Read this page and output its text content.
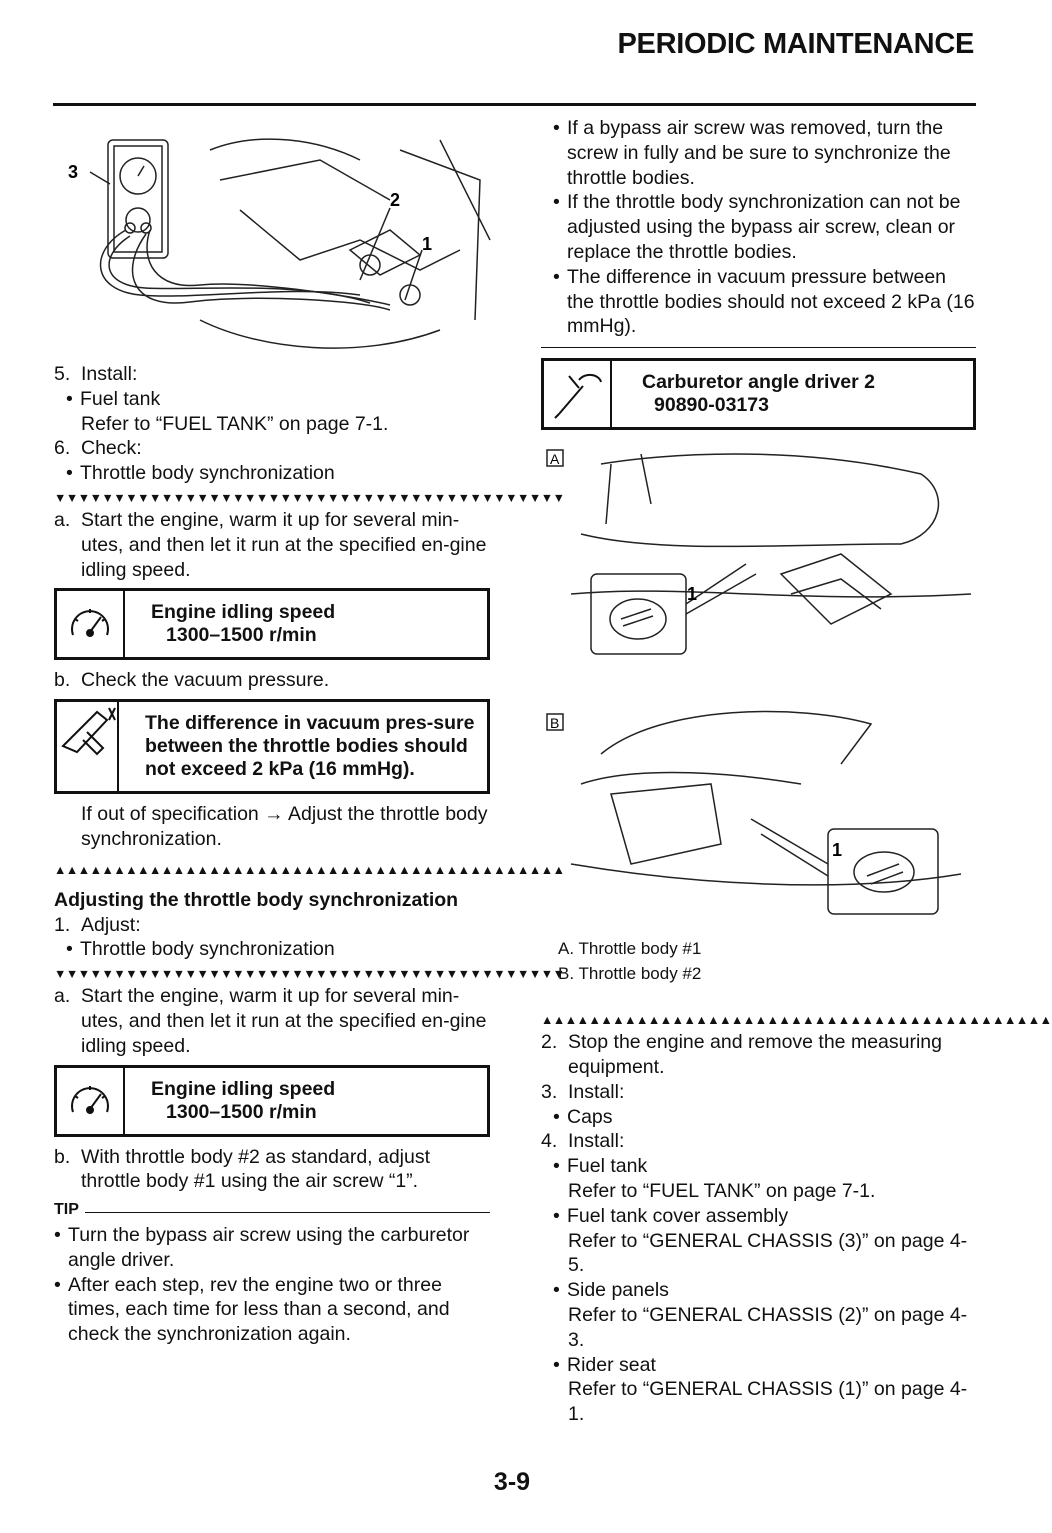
PERIODIC MAINTENANCE
3
2
1

5. Install:

• Fuel tank

Refer to “FUEL TANK” on page 7-1.

6. Check:

• Throttle body synchronization

▼▼▼▼▼▼▼▼▼▼▼▼▼▼▼▼▼▼▼▼▼▼▼▼▼▼▼▼▼▼▼▼▼▼▼▼▼▼▼▼▼▼▼

a. Start the engine, warm it up for several min-utes, and then let it run at the specified en-gine idling speed.

Engine idling speed
1300–1500 r/min

b. Check the vacuum pressure.

The difference in vacuum pres-sure between the throttle bodies should not exceed 2 kPa (16 mmHg).

If out of specification → Adjust the throttle body synchronization.

▲▲▲▲▲▲▲▲▲▲▲▲▲▲▲▲▲▲▲▲▲▲▲▲▲▲▲▲▲▲▲▲▲▲▲▲▲▲▲▲▲▲▲

Adjusting the throttle body synchronization

1. Adjust:

• Throttle body synchronization

▼▼▼▼▼▼▼▼▼▼▼▼▼▼▼▼▼▼▼▼▼▼▼▼▼▼▼▼▼▼▼▼▼▼▼▼▼▼▼▼▼▼▼

a. Start the engine, warm it up for several min-utes, and then let it run at the specified en-gine idling speed.

Engine idling speed
1300–1500 r/min

b. With throttle body #2 as standard, adjust throttle body #1 using the air screw “1”.

TIP

• Turn the bypass air screw using the carburetor angle driver.

• After each step, rev the engine two or three times, each time for less than a second, and check the synchronization again.

• If a bypass air screw was removed, turn the screw in fully and be sure to synchronize the throttle bodies.

• If the throttle body synchronization can not be adjusted using the bypass air screw, clean or replace the throttle bodies.

• The difference in vacuum pressure between the throttle bodies should not exceed 2 kPa (16 mmHg).

Carburetor angle driver 2
90890-03173
A
B
1
1

A. Throttle body #1

B. Throttle body #2

▲▲▲▲▲▲▲▲▲▲▲▲▲▲▲▲▲▲▲▲▲▲▲▲▲▲▲▲▲▲▲▲▲▲▲▲▲▲▲▲▲▲▲

2. Stop the engine and remove the measuring equipment.

3. Install:

• Caps

4. Install:

• Fuel tank

Refer to “FUEL TANK” on page 7-1.

• Fuel tank cover assembly

Refer to “GENERAL CHASSIS (3)” on page 4-5.

• Side panels

Refer to “GENERAL CHASSIS (2)” on page 4-3.

• Rider seat

Refer to “GENERAL CHASSIS (1)” on page 4-1.

3-9
